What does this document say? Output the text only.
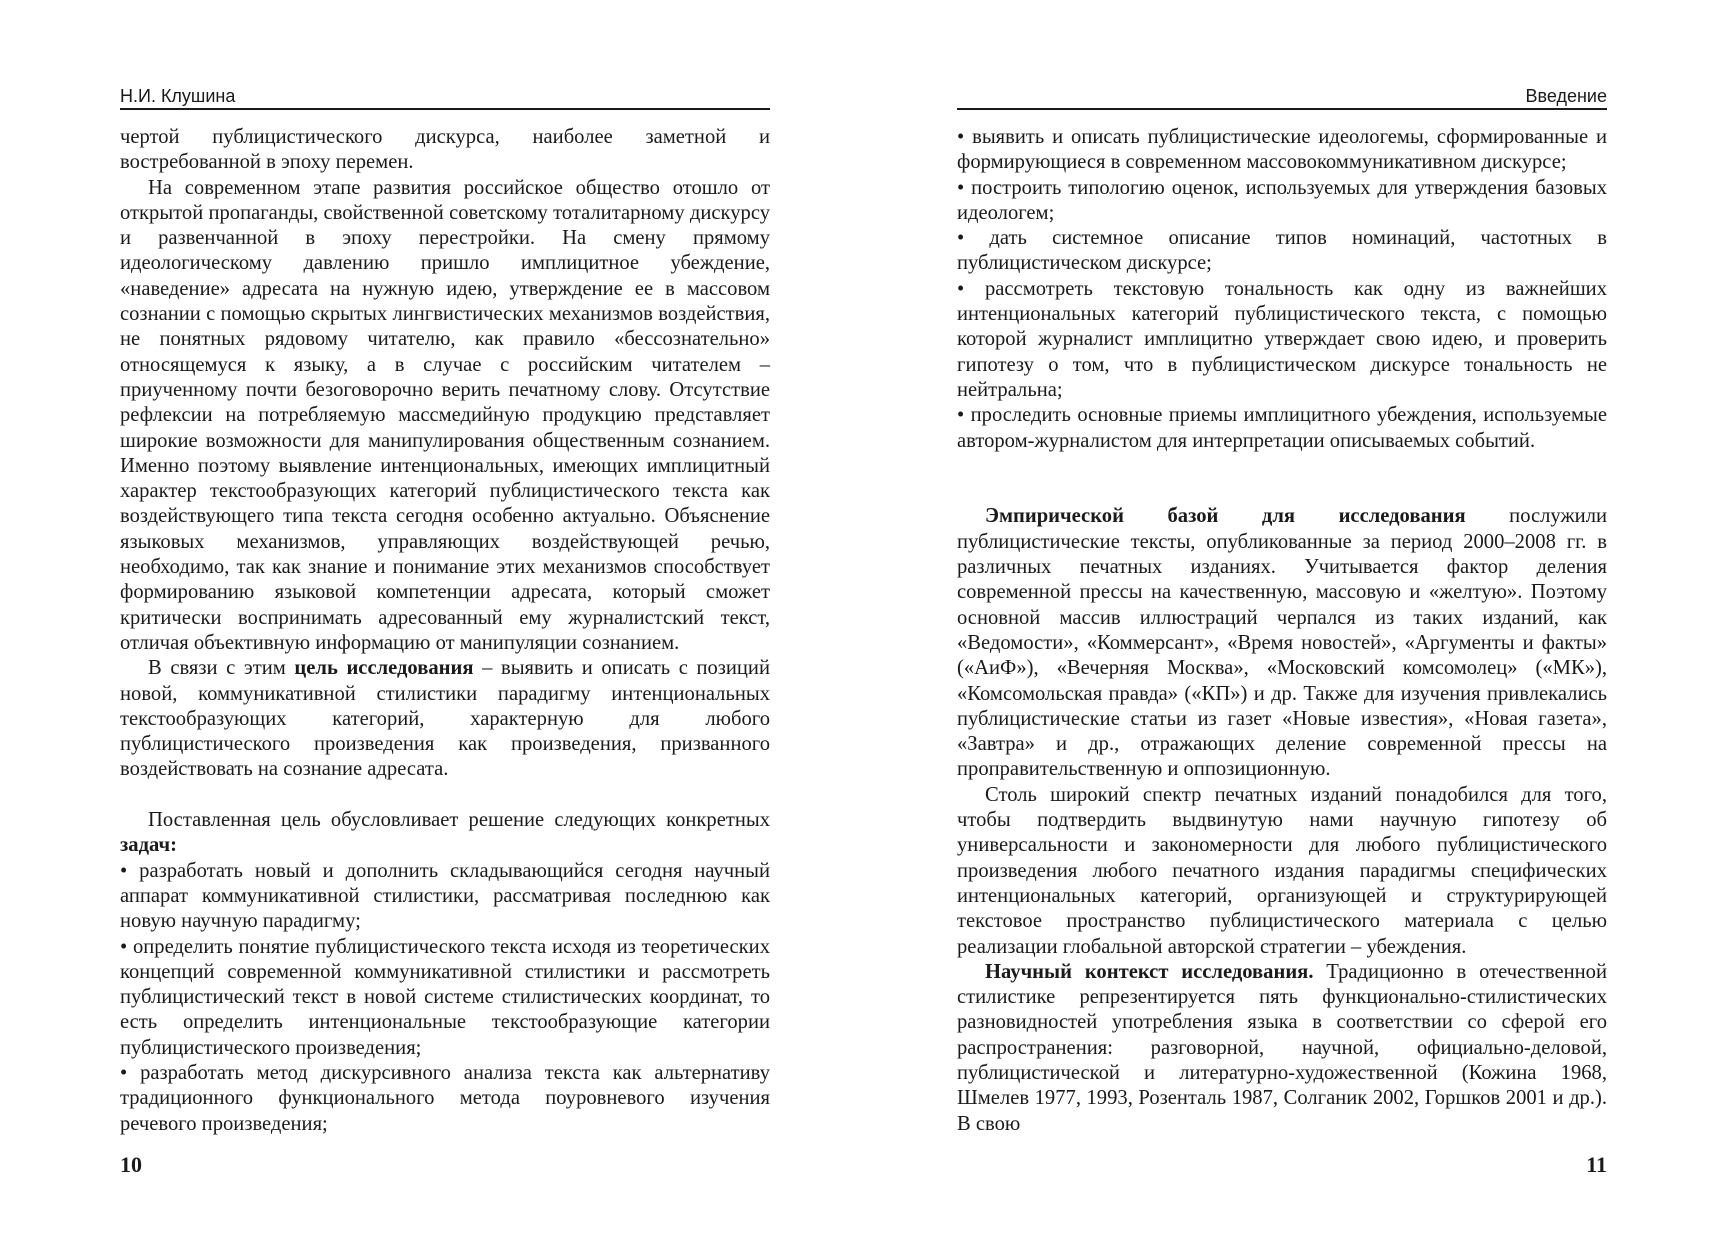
Н.И. Клушина

чертой публицистического дискурса, наиболее заметной и востребованной в эпоху перемен.

На современном этапе развития российское общество отошло от открытой пропаганды, свойственной советскому тоталитарному дискурсу и развенчанной в эпоху перестройки. На смену прямому идеологическому давлению пришло имплицитное убеждение, «наведение» адресата на нужную идею, утверждение ее в массовом сознании с помощью скрытых лингвистических механизмов воздействия, не понятных рядовому читателю, как правило «бессознательно» относящемуся к языку, а в случае с российским читателем – приученному почти безоговорочно верить печатному слову. Отсутствие рефлексии на потребляемую массмедийную продукцию представляет широкие возможности для манипулирования общественным сознанием. Именно поэтому выявление интенциональных, имеющих имплицитный характер текстообразующих категорий публицистического текста как воздействующего типа текста сегодня особенно актуально. Объяснение языковых механизмов, управляющих воздействующей речью, необходимо, так как знание и понимание этих механизмов способствует формированию языковой компетенции адресата, который сможет критически воспринимать адресованный ему журналистский текст, отличая объективную информацию от манипуляции сознанием.

В связи с этим цель исследования – выявить и описать с позиций новой, коммуникативной стилистики парадигму интенциональных текстообразующих категорий, характерную для любого публицистического произведения как произведения, призванного воздействовать на сознание адресата.

Поставленная цель обусловливает решение следующих конкретных задач:

• разработать новый и дополнить складывающийся сегодня научный аппарат коммуникативной стилистики, рассматривая последнюю как новую научную парадигму;

• определить понятие публицистического текста исходя из теоретических концепций современной коммуникативной стилистики и рассмотреть публицистический текст в новой системе стилистических координат, то есть определить интенциональные текстообразующие категории публицистического произведения;

• разработать метод дискурсивного анализа текста как альтернативу традиционного функционального метода поуровневого изучения речевого произведения;

10
Введение

• выявить и описать публицистические идеологемы, сформированные и формирующиеся в современном массовокоммуникативном дискурсе;

• построить типологию оценок, используемых для утверждения базовых идеологем;

• дать системное описание типов номинаций, частотных в публицистическом дискурсе;

• рассмотреть текстовую тональность как одну из важнейших интенциональных категорий публицистического текста, с помощью которой журналист имплицитно утверждает свою идею, и проверить гипотезу о том, что в публицистическом дискурсе тональность не нейтральна;

• проследить основные приемы имплицитного убеждения, используемые автором-журналистом для интерпретации описываемых событий.

Эмпирической базой для исследования послужили публицистические тексты, опубликованные за период 2000–2008 гг. в различных печатных изданиях. Учитывается фактор деления современной прессы на качественную, массовую и «желтую». Поэтому основной массив иллюстраций черпался из таких изданий, как «Ведомости», «Коммерсант», «Время новостей», «Аргументы и факты» («АиФ»), «Вечерняя Москва», «Московский комсомолец» («МК»), «Комсомольская правда» («КП») и др. Также для изучения привлекались публицистические статьи из газет «Новые известия», «Новая газета», «Завтра» и др., отражающих деление современной прессы на проправительственную и оппозиционную.

Столь широкий спектр печатных изданий понадобился для того, чтобы подтвердить выдвинутую нами научную гипотезу об универсальности и закономерности для любого публицистического произведения любого печатного издания парадигмы специфических интенциональных категорий, организующей и структурирующей текстовое пространство публицистического материала с целью реализации глобальной авторской стратегии – убеждения.

Научный контекст исследования. Традиционно в отечественной стилистике репрезентируется пять функционально-стилистических разновидностей употребления языка в соответствии со сферой его распространения: разговорной, научной, официально-деловой, публицистической и литературно-художественной (Кожина 1968, Шмелев 1977, 1993, Розенталь 1987, Солганик 2002, Горшков 2001 и др.). В свою

11
